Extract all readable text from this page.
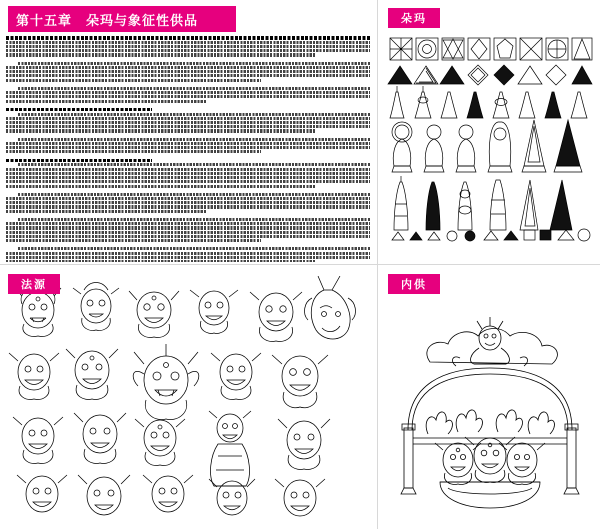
第十五章　朵玛与象征性供品	朵玛
法源	内供
